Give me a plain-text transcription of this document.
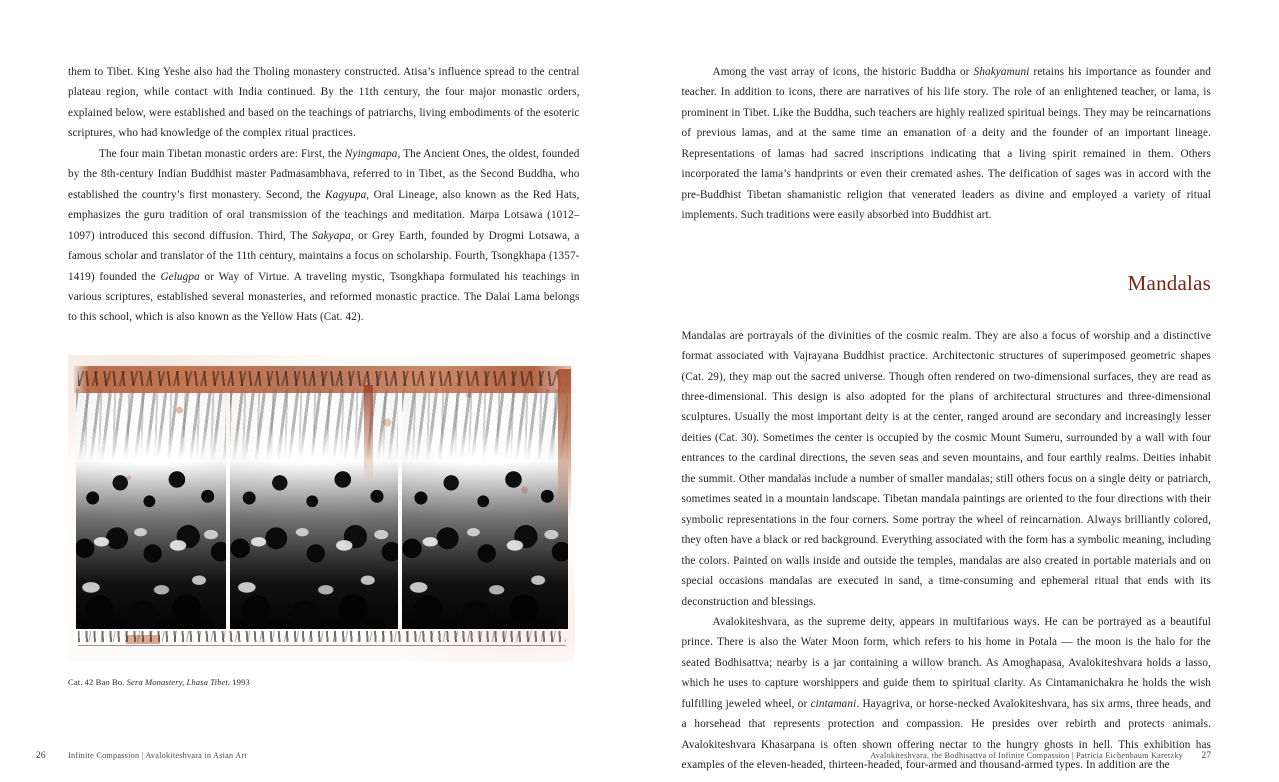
them to Tibet. King Yeshe also had the Tholing monastery constructed. Atisa’s influence spread to the central plateau region, while contact with India continued. By the 11th century, the four major monastic orders, explained below, were established and based on the teachings of patriarchs, living embodiments of the esoteric scriptures, who had knowledge of the complex ritual practices.

The four main Tibetan monastic orders are: First, the Nyingmapa, The Ancient Ones, the oldest, founded by the 8th-century Indian Buddhist master Padmasambhava, referred to in Tibet, as the Second Buddha, who established the country’s first monastery. Second, the Kagyupa, Oral Lineage, also known as the Red Hats, emphasizes the guru tradition of oral transmission of the teachings and meditation. Marpa Lotsawa (1012–1097) introduced this second diffusion. Third, The Sakyapa, or Grey Earth, founded by Drogmi Lotsawa, a famous scholar and translator of the 11th century, maintains a focus on scholarship. Fourth, Tsongkhapa (1357-1419) founded the Gelugpa or Way of Virtue. A traveling mystic, Tsongkhapa formulated his teachings in various scriptures, established several monasteries, and reformed monastic practice. The Dalai Lama belongs to this school, which is also known as the Yellow Hats (Cat. 42).

Cat. 42 Bao Bo. Sera Monastery, Lhasa Tibet. 1993
26	Infinite Compassion | Avalokiteshvara in Asian Art

Among the vast array of icons, the historic Buddha or Shakyamuni retains his importance as founder and teacher. In addition to icons, there are narratives of his life story. The role of an enlightened teacher, or lama, is prominent in Tibet. Like the Buddha, such teachers are highly realized spiritual beings. They may be reincarnations of previous lamas, and at the same time an emanation of a deity and the founder of an important lineage. Representations of lamas had sacred inscriptions indicating that a living spirit remained in them. Others incorporated the lama’s handprints or even their cremated ashes. The deification of sages was in accord with the pre-Buddhist Tibetan shamanistic religion that venerated leaders as divine and employed a variety of ritual implements. Such traditions were easily absorbed into Buddhist art.

Mandalas

Mandalas are portrayals of the divinities of the cosmic realm. They are also a focus of worship and a distinctive format associated with Vajrayana Buddhist practice. Architectonic structures of superimposed geometric shapes (Cat. 29), they map out the sacred universe. Though often rendered on two-dimensional surfaces, they are read as three-dimensional. This design is also adopted for the plans of architectural structures and three-dimensional sculptures. Usually the most important deity is at the center, ranged around are secondary and increasingly lesser deities (Cat. 30). Sometimes the center is occupied by the cosmic Mount Sumeru, surrounded by a wall with four entrances to the cardinal directions, the seven seas and seven mountains, and four earthly realms. Deities inhabit the summit. Other mandalas include a number of smaller mandalas; still others focus on a single deity or patriarch, sometimes seated in a mountain landscape. Tibetan mandala paintings are oriented to the four directions with their symbolic representations in the four corners. Some portray the wheel of reincarnation. Always brilliantly colored, they often have a black or red background. Everything associated with the form has a symbolic meaning, including the colors. Painted on walls inside and outside the temples, mandalas are also created in portable materials and on special occasions mandalas are executed in sand, a time-consuming and ephemeral ritual that ends with its deconstruction and blessings.

Avalokiteshvara, as the supreme deity, appears in multifarious ways. He can be portrayed as a beautiful prince. There is also the Water Moon form, which refers to his home in Potala — the moon is the halo for the seated Bodhisattva; nearby is a jar containing a willow branch. As Amoghapasa, Avalokiteshvara holds a lasso, which he uses to capture worshippers and guide them to spiritual clarity. As Cintamanichakra he holds the wish fulfilling jeweled wheel, or cintamani. Hayagriva, or horse-necked Avalokiteshvara, has six arms, three heads, and a horsehead that represents protection and compassion. He presides over rebirth and protects animals. Avalokiteshvara Khasarpana is often shown offering nectar to the hungry ghosts in hell. This exhibition has examples of the eleven-headed, thirteen-headed, four-armed and thousand-armed types. In addition are the

Avalokiteshvara, the Bodhisattva of Infinite Compassion | Patricia Eichenbaum Karetzky 27
